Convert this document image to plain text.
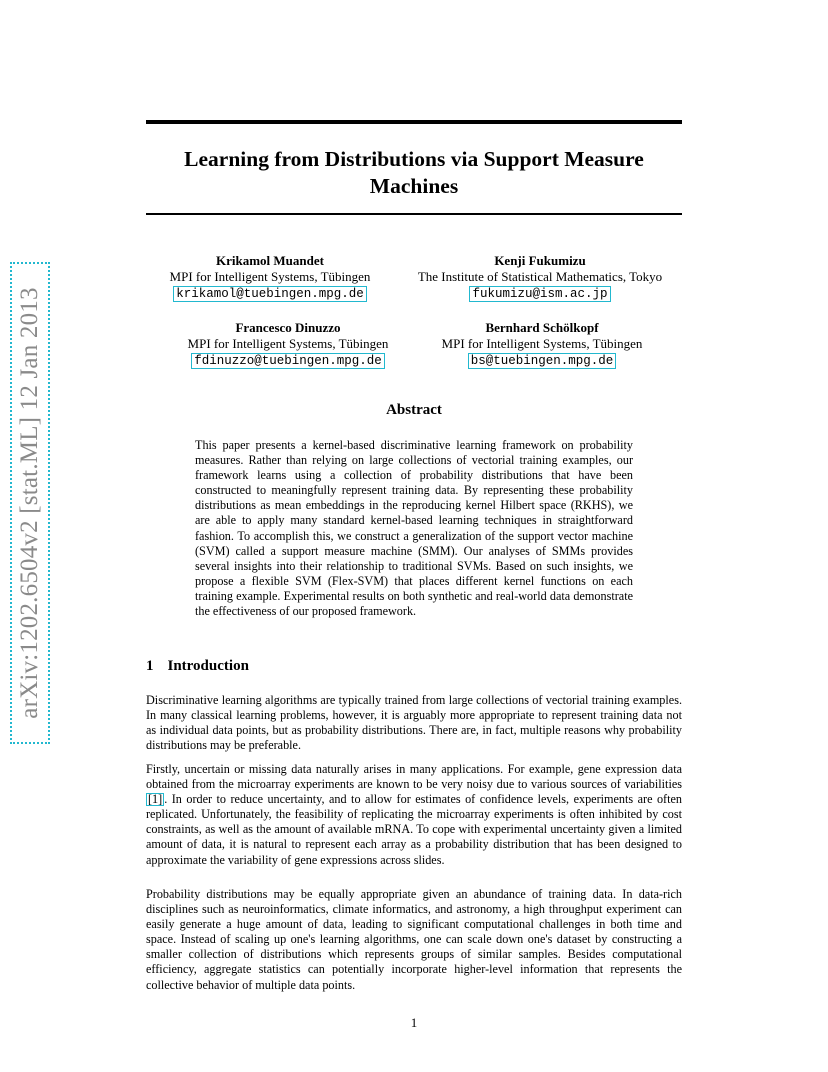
arXiv:1202.6504v2 [stat.ML] 12 Jan 2013
Learning from Distributions via Support Measure Machines
Krikamol Muandet
MPI for Intelligent Systems, Tübingen
krikamol@tuebingen.mpg.de
Kenji Fukumizu
The Institute of Statistical Mathematics, Tokyo
fukumizu@ism.ac.jp
Francesco Dinuzzo
MPI for Intelligent Systems, Tübingen
fdinuzzo@tuebingen.mpg.de
Bernhard Schölkopf
MPI for Intelligent Systems, Tübingen
bs@tuebingen.mpg.de
Abstract

This paper presents a kernel-based discriminative learning framework on probability measures. Rather than relying on large collections of vectorial training examples, our framework learns using a collection of probability distributions that have been constructed to meaningfully represent training data. By representing these probability distributions as mean embeddings in the reproducing kernel Hilbert space (RKHS), we are able to apply many standard kernel-based learning techniques in straightforward fashion. To accomplish this, we construct a generalization of the support vector machine (SVM) called a support measure machine (SMM). Our analyses of SMMs provides several insights into their relationship to traditional SVMs. Based on such insights, we propose a flexible SVM (Flex-SVM) that places different kernel functions on each training example. Experimental results on both synthetic and real-world data demonstrate the effectiveness of our proposed framework.

1 Introduction

Discriminative learning algorithms are typically trained from large collections of vectorial training examples. In many classical learning problems, however, it is arguably more appropriate to represent training data not as individual data points, but as probability distributions. There are, in fact, multiple reasons why probability distributions may be preferable.

Firstly, uncertain or missing data naturally arises in many applications. For example, gene expression data obtained from the microarray experiments are known to be very noisy due to various sources of variabilities [1] . In order to reduce uncertainty, and to allow for estimates of confidence levels, experiments are often replicated. Unfortunately, the feasibility of replicating the microarray experiments is often inhibited by cost constraints, as well as the amount of available mRNA. To cope with experimental uncertainty given a limited amount of data, it is natural to represent each array as a probability distribution that has been designed to approximate the variability of gene expressions across slides.

Probability distributions may be equally appropriate given an abundance of training data. In data-rich disciplines such as neuroinformatics, climate informatics, and astronomy, a high throughput experiment can easily generate a huge amount of data, leading to significant computational challenges in both time and space. Instead of scaling up one's learning algorithms, one can scale down one's dataset by constructing a smaller collection of distributions which represents groups of similar samples. Besides computational efficiency, aggregate statistics can potentially incorporate higher-level information that represents the collective behavior of multiple data points.

1
